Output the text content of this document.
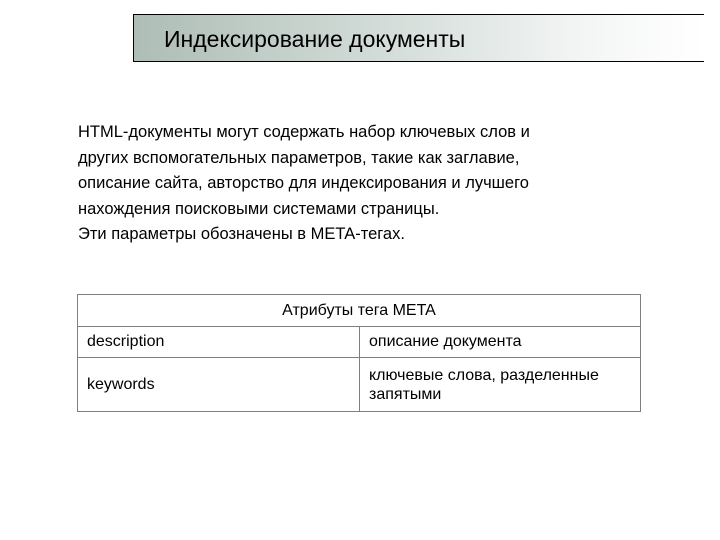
Индексирование документы
HTML-документы могут содержать набор ключевых слов и
других вспомогательных параметров, такие как заглавие,
описание сайта, авторство для индексирования и лучшего
нахождения поисковыми системами страницы.
Эти параметры обозначены в META-тегах.
Атрибуты тега META	
description	описание документа
keywords	ключевые слова, разделенные запятыми
